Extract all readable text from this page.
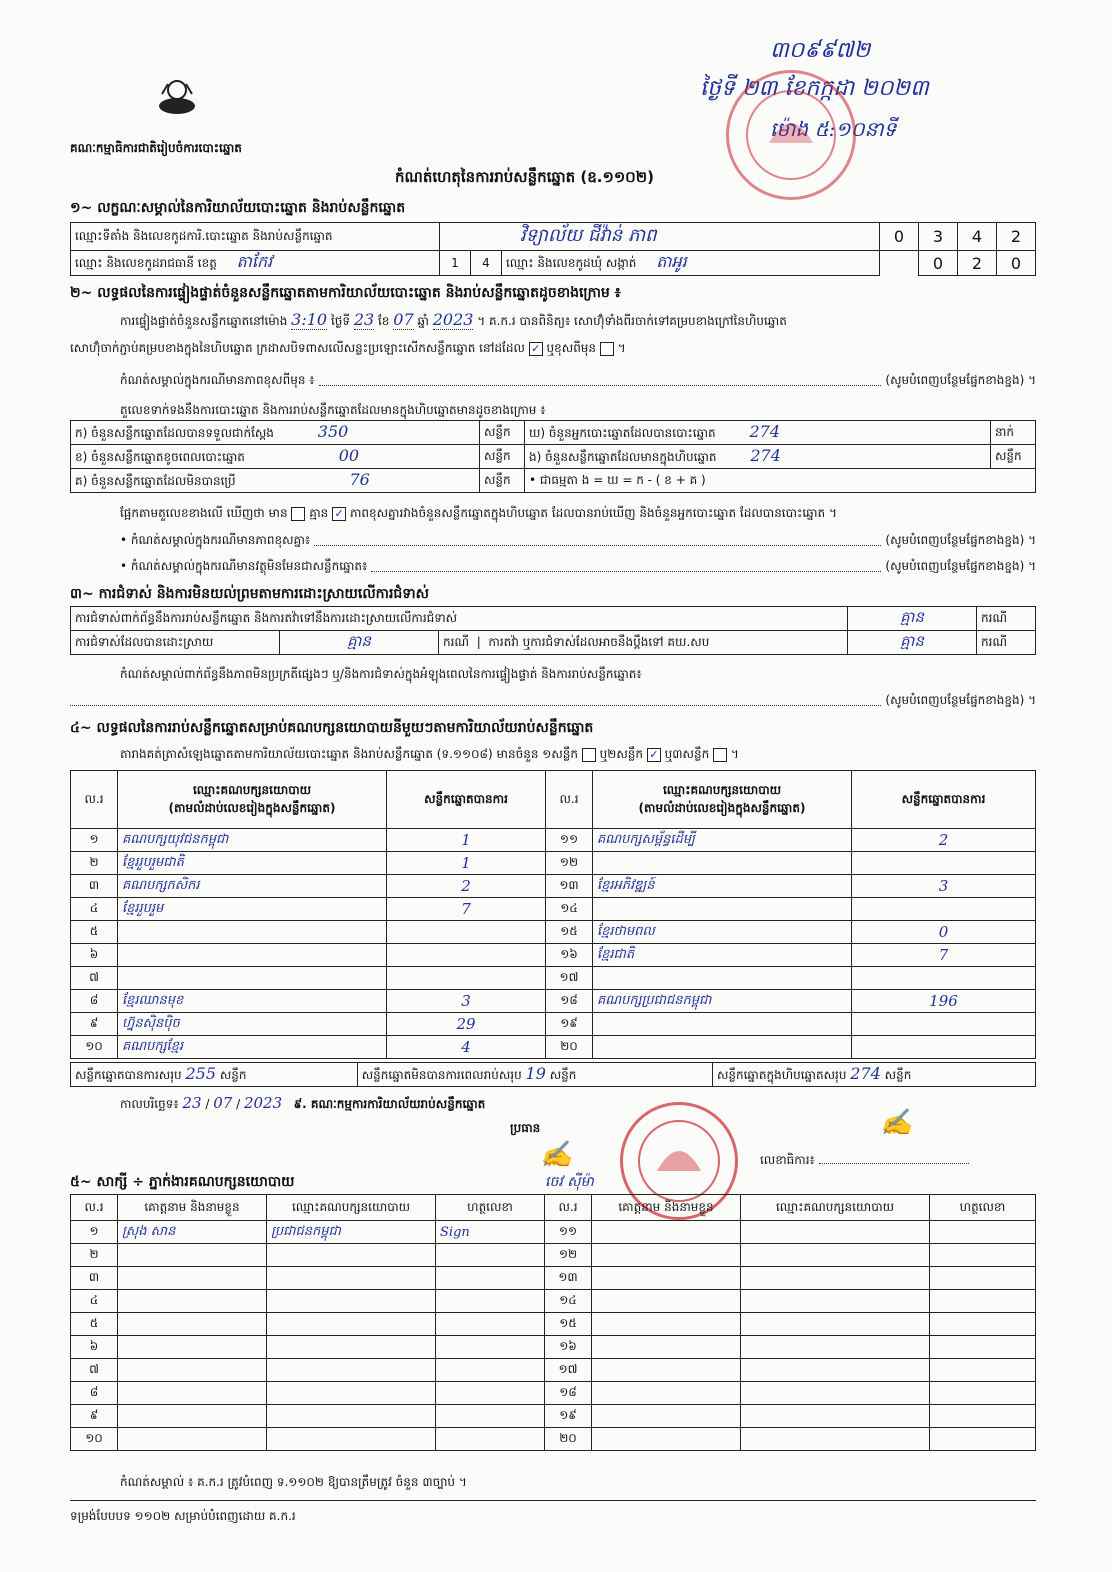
គណៈកម្មាធិការជាតិរៀបចំការបោះឆ្នោត
កំណត់ហេតុនៃការរាប់សន្លឹកឆ្នោត (ឧ.១១០២)
៣០៩៩៧២
ថ្ងៃទី ២៣ ខែកក្កដា ២០២៣
ម៉ោង ៥:១០នាទី
១~ លក្ខណៈសម្គាល់នៃការិយាល័យបោះឆ្នោត និងរាប់សន្លឹកឆ្នោត
ឈ្មោះទីតាំង និងលេខកូដការិ.បោះឆ្នោត និងរាប់សន្លឹកឆ្នោត	វិទ្យាល័យ ជីវ៉ាន់ ភាព			0	3	4	2
ឈ្មោះ និងលេខកូដរាជធានី ខេត្ត តាកែវ	1	4	ឈ្មោះ និងលេខកូដឃុំ សង្កាត់ តាអូរ		0	2	0
២~ លទ្ធផលនៃការផ្ទៀងផ្ទាត់ចំនួនសន្លឹកឆ្នោតតាមការិយាល័យបោះឆ្នោត និងរាប់សន្លឹកឆ្នោតដូចខាងក្រោម ៖
ការផ្ទៀងផ្ទាត់ចំនួនសន្លឹកឆ្នោតនៅម៉ោង 3:10 ថ្ងៃទី 23 ខែ 07 ឆ្នាំ 2023 ។ គ.ក.រ បានពិនិត្យ៖ សោហ៊ុំទាំងពីរចាក់ទៅគម្របខាងក្រៅនៃហិបឆ្នោត
សោហ៊ុំចាក់ភ្ជាប់គម្របខាងក្នុងនៃហិបឆ្នោត ក្រដាសបិទពាសលើសន្លះប្រឡោះសើកសន្លឹកឆ្នោត នៅដដែល ✓ ឬខុសពីមុន  ។
កំណត់សម្គាល់ក្នុងករណីមានភាពខុសពីមុន ៖	(សូមបំពេញបន្ថែមផ្នែកខាងខ្នង) ។
តួលេខទាក់ទងនឹងការបោះឆ្នោត និងការរាប់សន្លឹកឆ្នោតដែលមានក្នុងហិបឆ្នោតមានដូចខាងក្រោម ៖
ក) ចំនួនសន្លឹកឆ្នោតដែលបានទទួលជាក់ស្តែង 350	សន្លឹក	ឃ) ចំនួនអ្នកបោះឆ្នោតដែលបានបោះឆ្នោត 274	នាក់
ខ) ចំនួនសន្លឹកឆ្នោតខូចពេលបោះឆ្នោត 00	សន្លឹក	ង) ចំនួនសន្លឹកឆ្នោតដែលមានក្នុងហិបឆ្នោត 274	សន្លឹក
គ) ចំនួនសន្លឹកឆ្នោតដែលមិនបានប្រើ 76	សន្លឹក	• ជាធម្មតា ង = ឃ = ក - ( ខ + គ )	
ផ្អែកតាមតួលេខខាងលើ ឃើញថា មាន គ្មាន ✓ ភាពខុសគ្នារវាងចំនួនសន្លឹកឆ្នោតក្នុងហិបឆ្នោត ដែលបានរាប់ឃើញ និងចំនួនអ្នកបោះឆ្នោត ដែលបានបោះឆ្នោត ។
• កំណត់សម្គាល់ក្នុងករណីមានភាពខុសគ្នា៖	(សូមបំពេញបន្ថែមផ្នែកខាងខ្នង) ។
• កំណត់សម្គាល់ក្នុងករណីមានវត្ថុមិនមែនជាសន្លឹកឆ្នោត៖	(សូមបំពេញបន្ថែមផ្នែកខាងខ្នង) ។
៣~ ការជំទាស់ និងការមិនយល់ព្រមតាមការដោះស្រាយលើការជំទាស់
ការជំទាស់ពាក់ព័ន្ធនឹងការរាប់សន្លឹកឆ្នោត និងការតវ៉ាទៅនឹងការដោះស្រាយលើការជំទាស់			គ្មាន	ករណី
ការជំទាស់ដែលបានដោះស្រាយ	គ្មាន	ករណី  |  ការតវ៉ា ឬការជំទាស់ដែលអាចនឹងប្តឹងទៅ គឃ.សប	គ្មាន	ករណី
កំណត់សម្គាល់ពាក់ព័ន្ធនឹងភាពមិនប្រក្រតីផ្សេងៗ ឬ/និងការជំទាស់ក្នុងអំឡុងពេលនៃការផ្ទៀងផ្ទាត់ និងការរាប់សន្លឹកឆ្នោត៖
(សូមបំពេញបន្ថែមផ្នែកខាងខ្នង) ។
៤~ លទ្ធផលនៃការរាប់សន្លឹកឆ្នោតសម្រាប់គណបក្សនយោបាយនីមួយៗតាមការិយាល័យរាប់សន្លឹកឆ្នោត
តារាងគត់ត្រាសំឡេងឆ្នោតតាមការិយាល័យបោះឆ្នោត និងរាប់សន្លឹកឆ្នោត (ទ.១១០៨) មានចំនួន ១សន្លឹក ឬ២សន្លឹក ✓ ឬ៣សន្លឹក  ។
ល.រ	ឈ្មោះគណបក្សនយោបាយ
(តាមលំដាប់លេខរៀងក្នុងសន្លឹកឆ្នោត)	សន្លឹកឆ្នោតបានការ	ល.រ	ឈ្មោះគណបក្សនយោបាយ
(តាមលំដាប់លេខរៀងក្នុងសន្លឹកឆ្នោត)	សន្លឹកឆ្នោតបានការ
១	គណបក្សយុវជនកម្ពុជា	1	១១	គណបក្សសម្ព័ន្ធដើម្បី	2
២	ខ្មែររួបរួមជាតិ	1	១២		
៣	គណបក្សកសិករ	2	១៣	ខ្មែរអភិវឌ្ឍន៍	3
៤	ខ្មែររួបរួម	7	១៤		
៥			១៥	ខ្មែរថាមពល	0
៦			១៦	ខ្មែរជាតិ	7
៧			១៧		
៨	ខ្មែរឈានមុខ	3	១៨	គណបក្សប្រជាជនកម្ពុជា	196
៩	ហ្វ៊ុនស៊ិនប៉ិច	29	១៩		
១០	គណបក្សខ្មែរ	4	២០		
សន្លឹកឆ្នោតបានការសរុប 255 សន្លឹក	សន្លឹកឆ្នោតមិនបានការពេលរាប់សរុប 19 សន្លឹក	សន្លឹកឆ្នោតក្នុងហិបឆ្នោតសរុប 274 សន្លឹក
កាលបរិច្ឆេទ៖ 23 / 07 / 2023 ៩. គណៈកម្មការការិយាល័យរាប់សន្លឹកឆ្នោត
ប្រធាន
✍
ចេវ ស៊ីម៉ា
លេខាធិការ៖
✍
៥~ សាក្សី ÷ ភ្នាក់ងារគណបក្សនយោបាយ
ល.រ	គោត្តនាម និងនាមខ្លួន	ឈ្មោះគណបក្សនយោបាយ	ហត្ថលេខា	ល.រ	គោត្តនាម និងនាមខ្លួន	ឈ្មោះគណបក្សនយោបាយ	ហត្ថលេខា
១	ស្រុង សាន	ប្រជាជនកម្ពុជា	Sign	១១			
២				១២			
៣				១៣			
៤				១៤			
៥				១៥			
៦				១៦			
៧				១៧			
៨				១៨			
៩				១៩			
១០				២០			
កំណត់សម្គាល់ ៖ គ.ក.រ ត្រូវបំពេញ ទ.១១០២ ឱ្យបានត្រឹមត្រូវ ចំនួន ៣ច្បាប់ ។
ទម្រង់បែបបទ ១១០២ សម្រាប់បំពេញដោយ គ.ក.រ
